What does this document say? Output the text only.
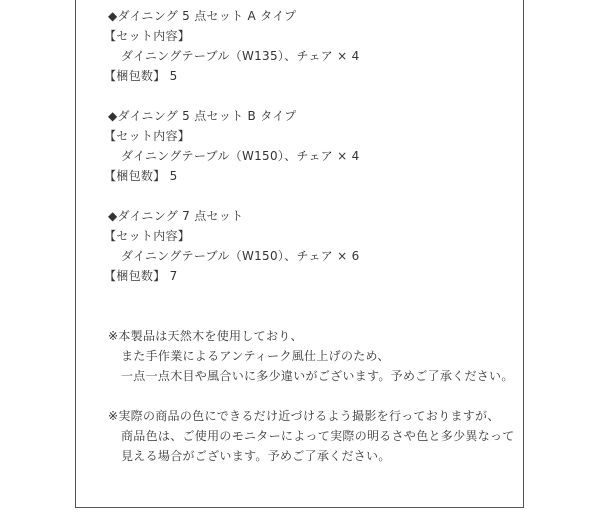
◆ダイニング 5 点セット A タイプ
【セット内容】
ダイニングテーブル（W135）、チェア × 4
【梱包数】 5
◆ダイニング 5 点セット B タイプ
【セット内容】
ダイニングテーブル（W150）、チェア × 4
【梱包数】 5
◆ダイニング 7 点セット
【セット内容】
ダイニングテーブル（W150）、チェア × 6
【梱包数】 7
※本製品は天然木を使用しており、
また手作業によるアンティーク風仕上げのため、
一点一点木目や風合いに多少違いがございます。予めご了承ください。
※実際の商品の色にできるだけ近づけるよう撮影を行っておりますが、
商品色は、ご使用のモニターによって実際の明るさや色と多少異なって
見える場合がございます。予めご了承ください。
